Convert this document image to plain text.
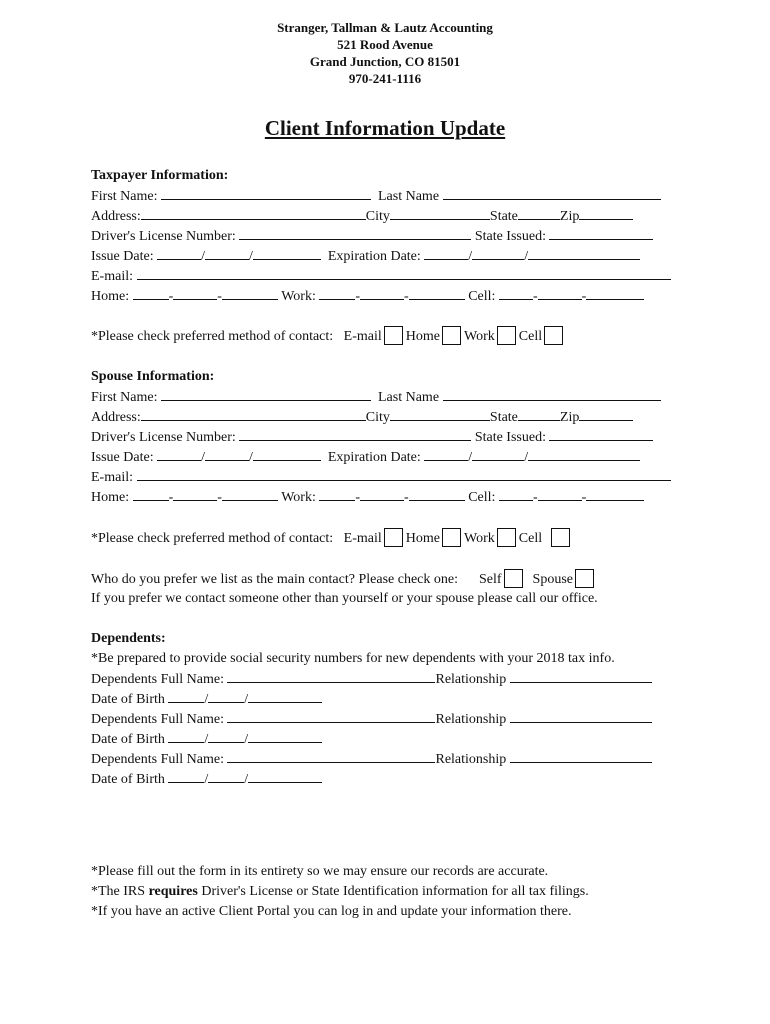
Stranger, Tallman & Lautz Accounting
521 Rood Avenue
Grand Junction, CO 81501
970-241-1116
Client Information Update
Taxpayer Information:
First Name:	Last Name
Address:	City	State	Zip
Driver's License Number:	State Issued:
Issue Date:	/	/	Expiration Date:	/	/
E-mail:
Home:	-	-	Work:	-	-	Cell:	-	-
*Please check preferred method of contact: E-mail Home Work Cell
Spouse Information:
First Name:	Last Name
Address:	City	State	Zip
Driver's License Number:	State Issued:
Issue Date:	/	/	Expiration Date:	/	/
E-mail:
Home:	-	-	Work:	-	-	Cell:	-	-
*Please check preferred method of contact: E-mail Home Work Cell
Who do you prefer we list as the main contact? Please check one: Self Spouse
If you prefer we contact someone other than yourself or your spouse please call our office.
Dependents:
*Be prepared to provide social security numbers for new dependents with your 2018 tax info.
Dependents Full Name:	Relationship
Date of Birth	/	/
Dependents Full Name:	Relationship
Date of Birth	/	/
Dependents Full Name:	Relationship
Date of Birth	/	/
*Please fill out the form in its entirety so we may ensure our records are accurate.
*The IRS requires Driver's License or State Identification information for all tax filings.
*If you have an active Client Portal you can log in and update your information there.
